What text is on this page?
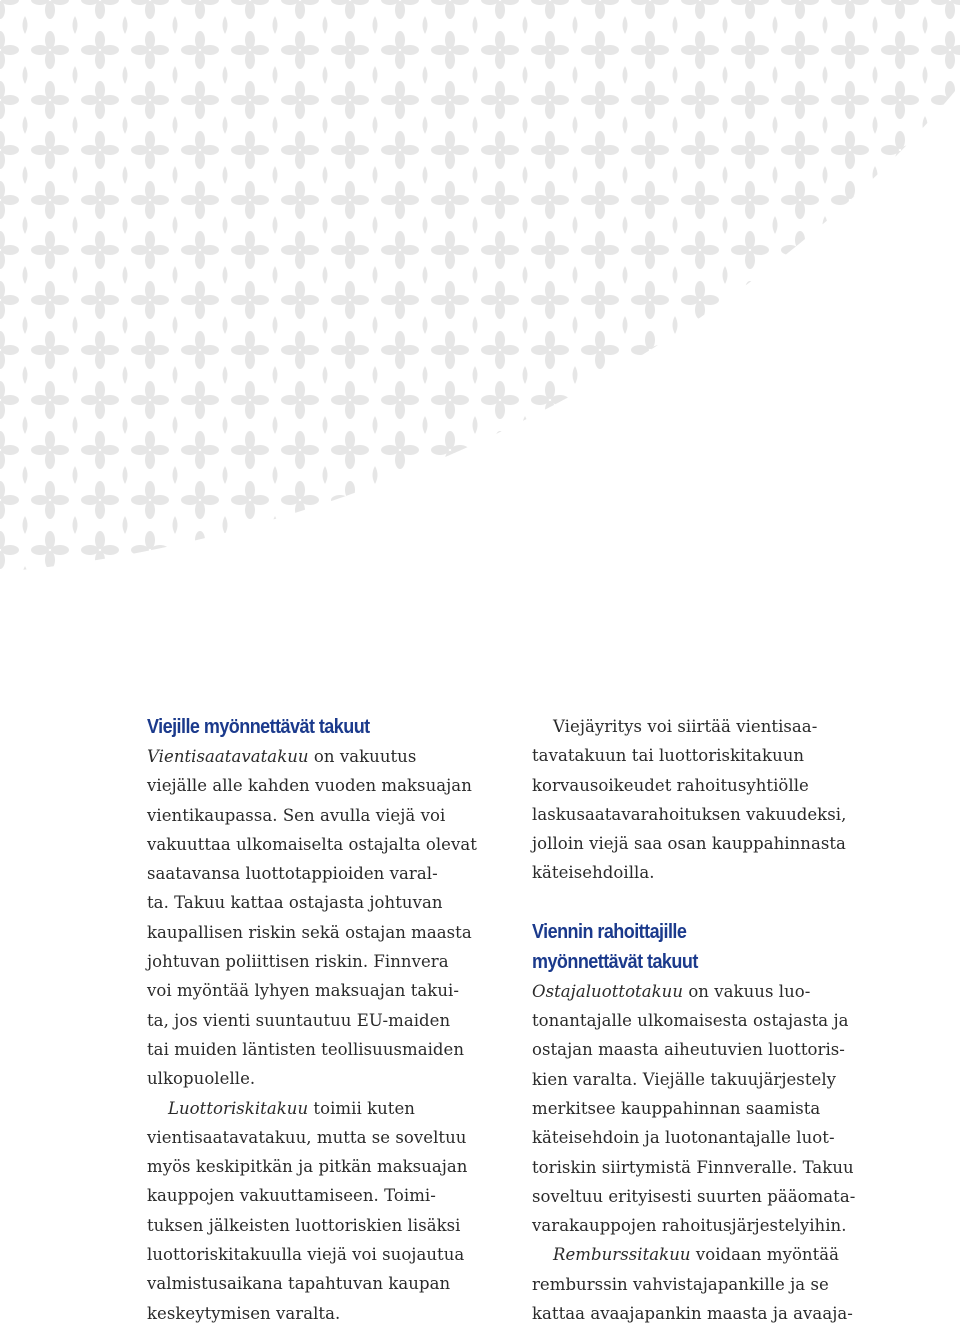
Viejille myönnettävät takuut
Vientisaatavatakuu on vakuutus
viejälle alle kahden vuoden maksuajan
vientikaupassa. Sen avulla viejä voi
vakuuttaa ulkomaiselta ostajalta olevat
saatavansa luottotappioiden varal-
ta. Takuu kattaa ostajasta johtuvan
kaupallisen riskin sekä ostajan maasta
johtuvan poliittisen riskin. Finnvera
voi myöntää lyhyen maksuajan takui-
ta, jos vienti suuntautuu EU-maiden
tai muiden läntisten teollisuusmaiden
ulkopuolelle.
Luottoriskitakuu toimii kuten
vientisaatavatakuu, mutta se soveltuu
myös keskipitkän ja pitkän maksuajan
kauppojen vakuuttamiseen. Toimi-
tuksen jälkeisten luottoriskien lisäksi
luottoriskitakuulla viejä voi suojautua
valmistusaikana tapahtuvan kaupan
keskeytymisen varalta.
Viejäyritys voi siirtää vientisaa-
tavatakuun tai luottoriskitakuun
korvausoikeudet rahoitusyhtiölle
laskusaatavarahoituksen vakuudeksi,
jolloin viejä saa osan kauppahinnasta
käteisehdoilla.
Viennin rahoittajille
myönnettävät takuut
Ostajaluottotakuu on vakuus luo-
tonantajalle ulkomaisesta ostajasta ja
ostajan maasta aiheutuvien luottoris-
kien varalta. Viejälle takuujärjestely
merkitsee kauppahinnan saamista
käteisehdoin ja luotonantajalle luot-
toriskin siirtymistä Finnveralle. Takuu
soveltuu erityisesti suurten pääomata-
varakauppojen rahoitusjärjestelyihin.
Remburssitakuu voidaan myöntää
remburssin vahvistajapankille ja se
kattaa avaajapankin maasta ja avaaja-
